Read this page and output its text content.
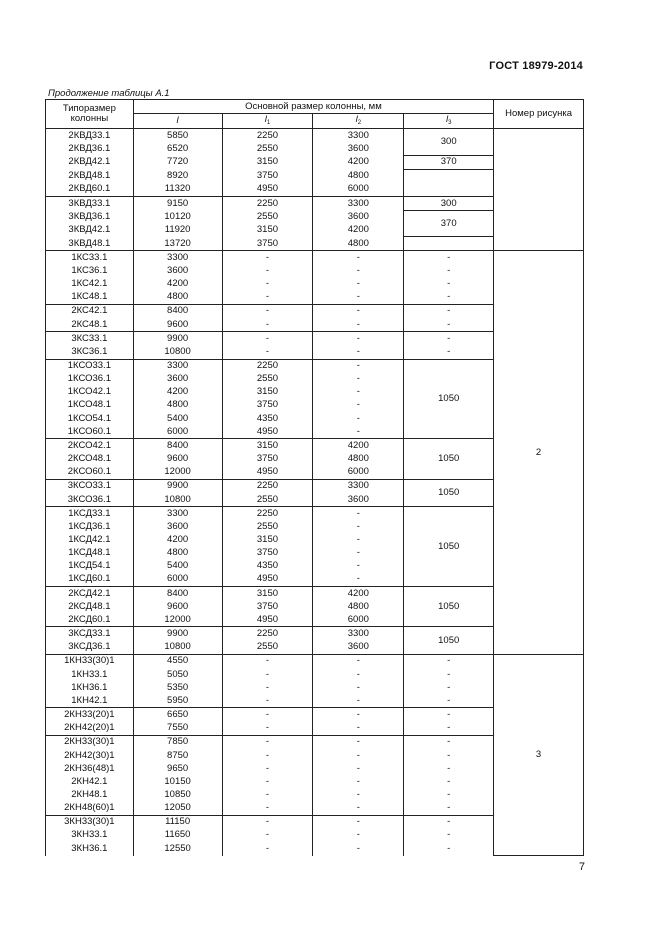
ГОСТ 18979-2014
Продолжение таблицы А.1
Типоразмер колонны	Основной размер колонны, мм				Номер рисунка
	l	$l_1$	$l_2$	$l_3$
2КВД33.1	5850	2250	3300	300	
2КВД36.1	6520	2550	3600		
2КВД42.1	7720	3150	4200	370	
2КВД48.1	8920	3750	4800		
2КВД60.1	11320	4950	6000		
3КВД33.1	9150	2250	3300	300	
3КВД36.1	10120	2550	3600	370	
3КВД42.1	11920	3150	4200		
3КВД48.1	13720	3750	4800		
1КС33.1	3300	-	-	-	2
1КС36.1	3600	-	-	-	
1КС42.1	4200	-	-	-	
1КС48.1	4800	-	-	-	
2КС42.1	8400	-	-	-	
2КС48.1	9600	-	-	-	
3КС33.1	9900	-	-	-	
3КС36.1	10800	-	-	-	
1КСО33.1	3300	2250	-	1050	
1КСО36.1	3600	2550	-		
1КСО42.1	4200	3150	-		
1КСО48.1	4800	3750	-		
1КСО54.1	5400	4350	-		
1КСО60.1	6000	4950	-		
2КСО42.1	8400	3150	4200	1050	
2КСО48.1	9600	3750	4800		
2КСО60.1	12000	4950	6000		
3КСО33.1	9900	2250	3300	1050	
3КСО36.1	10800	2550	3600		
1КСД33.1	3300	2250	-	1050	
1КСД36.1	3600	2550	-		
1КСД42.1	4200	3150	-		
1КСД48.1	4800	3750	-		
1КСД54.1	5400	4350	-		
1КСД60.1	6000	4950	-		
2КСД42.1	8400	3150	4200	1050	
2КСД48.1	9600	3750	4800		
2КСД60.1	12000	4950	6000		
3КСД33.1	9900	2250	3300	1050	
3КСД36.1	10800	2550	3600		
1КН33(30)1	4550	-	-	-	3
1КН33.1	5050	-	-	-	
1КН36.1	5350	-	-	-	
1КН42.1	5950	-	-	-	
2КН33(20)1	6650	-	-	-	
2КН42(20)1	7550	-	-	-	
2КН33(30)1	7850	-	-	-	
2КН42(30)1	8750	-	-	-	
2КН36(48)1	9650	-	-	-	
2КН42.1	10150	-	-	-	
2КН48.1	10850	-	-	-	
2КН48(60)1	12050	-	-	-	
3КН33(30)1	11150	-	-	-	
3КН33.1	11650	-	-	-	
3КН36.1	12550	-	-	-	
7
